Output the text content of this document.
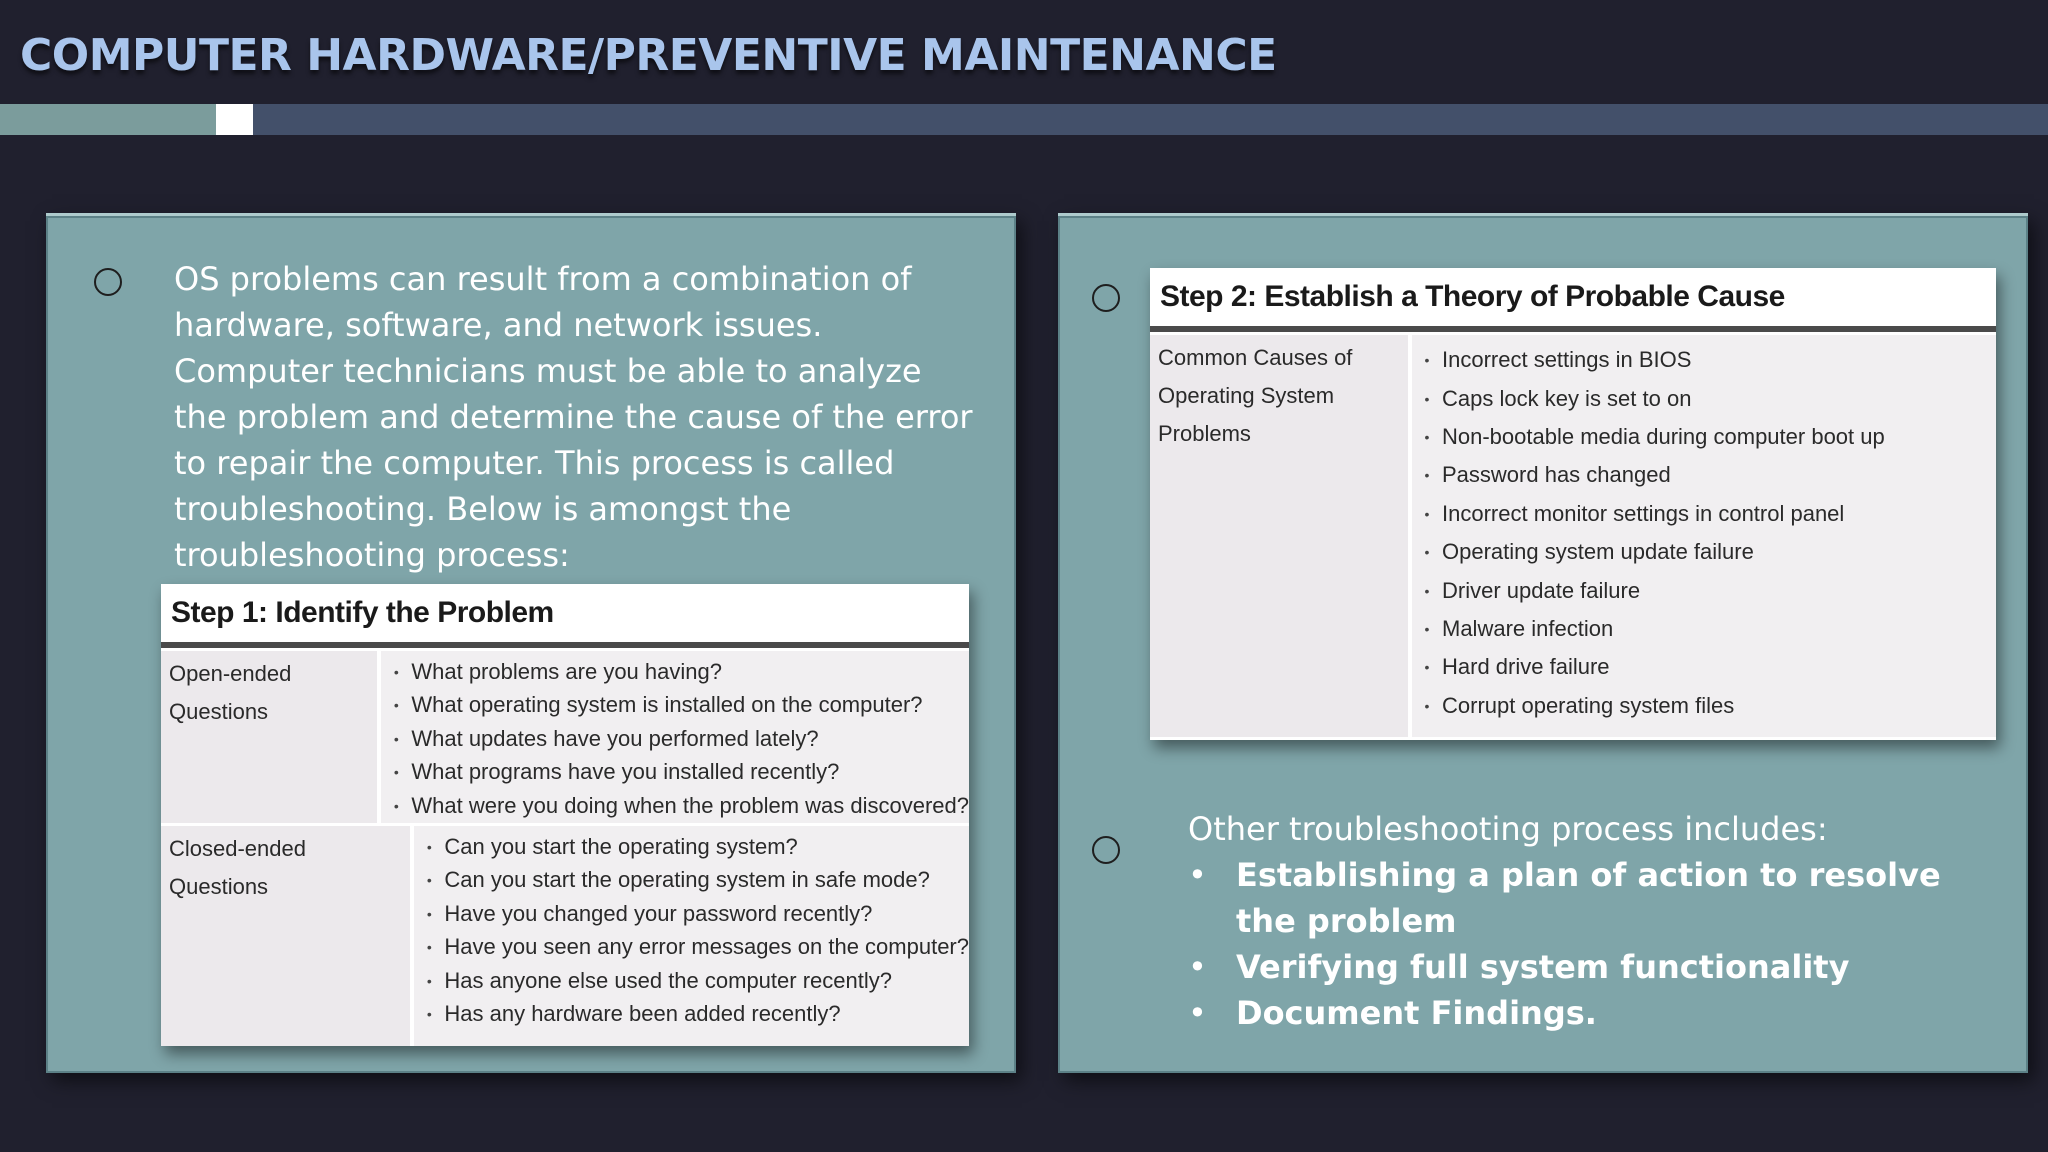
COMPUTER HARDWARE/PREVENTIVE MAINTENANCE
OS problems can result from a combination of hardware, software, and network issues. Computer technicians must be able to analyze the problem and determine the cause of the error to repair the computer. This process is called troubleshooting. Below is amongst the troubleshooting process:
Step 1: Identify the Problem
Open-ended Questions
• What problems are you having?
• What operating system is installed on the computer?
• What updates have you performed lately?
• What programs have you installed recently?
• What were you doing when the problem was discovered?
Closed-ended Questions
• Can you start the operating system?
• Can you start the operating system in safe mode?
• Have you changed your password recently?
• Have you seen any error messages on the computer?
• Has anyone else used the computer recently?
• Has any hardware been added recently?
Step 2: Establish a Theory of Probable Cause
Common Causes of
Operating System Problems
• Incorrect settings in BIOS
• Caps lock key is set to on
• Non-bootable media during computer boot up
• Password has changed
• Incorrect monitor settings in control panel
• Operating system update failure
• Driver update failure
• Malware infection
• Hard drive failure
• Corrupt operating system files
Other troubleshooting process includes:
• Establishing a plan of action to resolve the problem
• Verifying full system functionality
• Document Findings.
